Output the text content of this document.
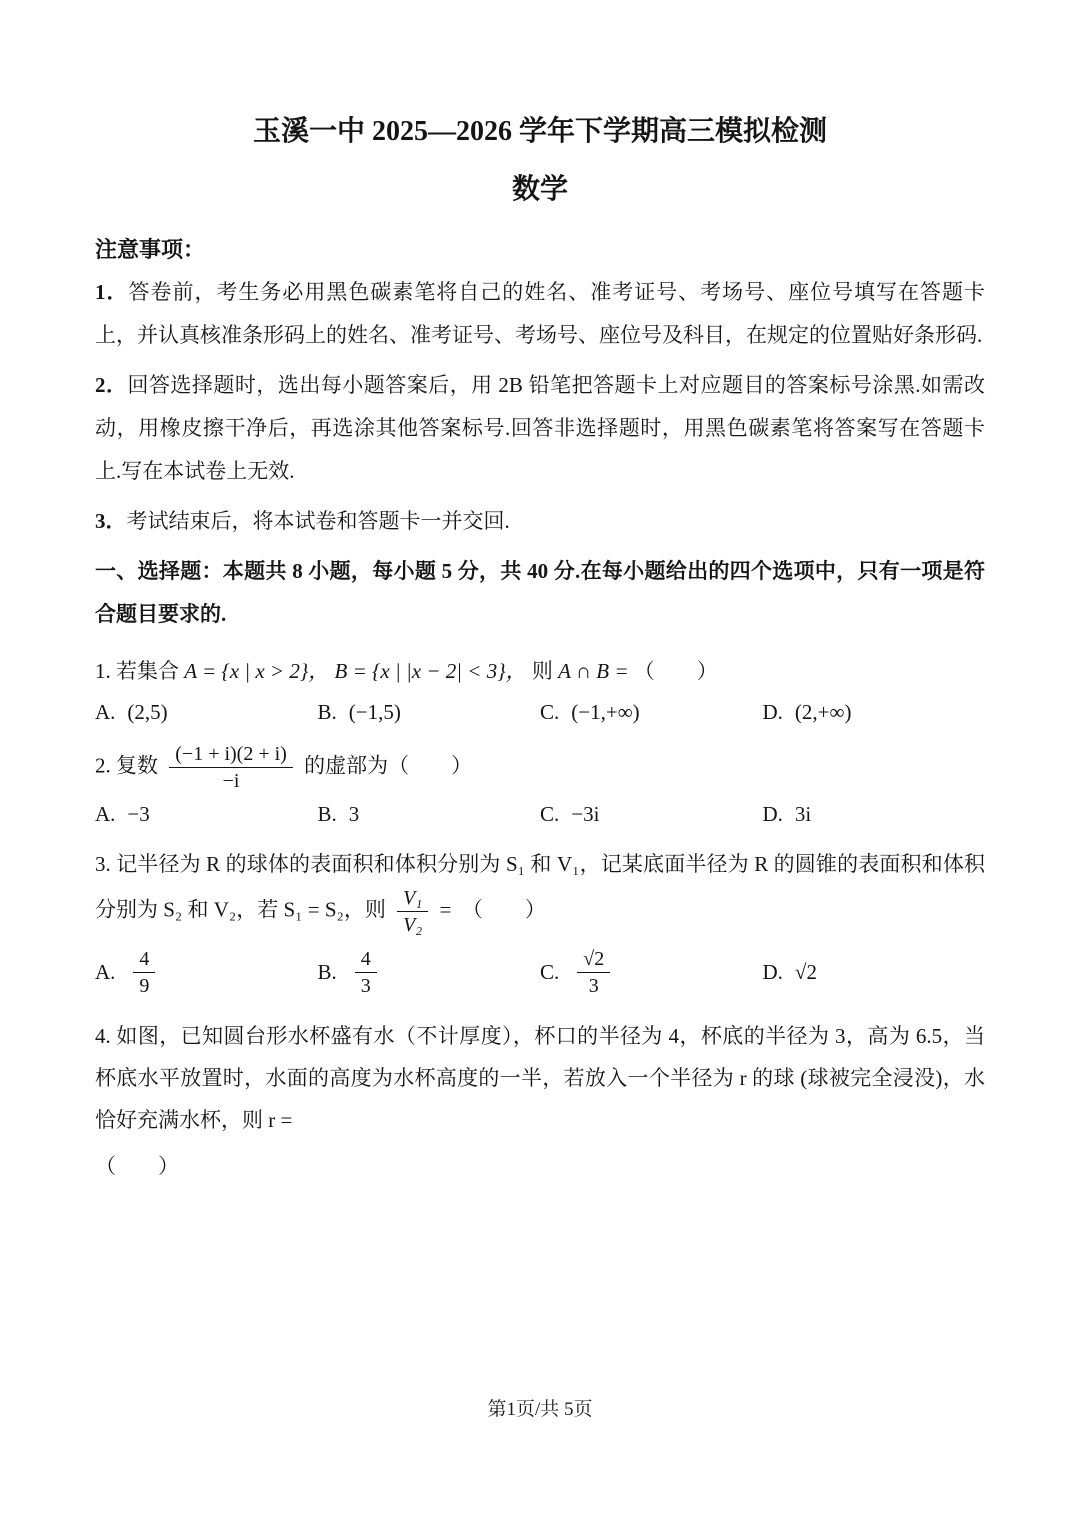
玉溪一中 2025—2026 学年下学期高三模拟检测
数学
注意事项：

1．答卷前，考生务必用黑色碳素笔将自己的姓名、准考证号、考场号、座位号填写在答题卡上，并认真核准条形码上的姓名、准考证号、考场号、座位号及科目，在规定的位置贴好条形码.

2．回答选择题时，选出每小题答案后，用 2B 铅笔把答题卡上对应题目的答案标号涂黑.如需改动，用橡皮擦干净后，再选涂其他答案标号.回答非选择题时，用黑色碳素笔将答案写在答题卡上.写在本试卷上无效.

3．考试结束后，将本试卷和答题卡一并交回.

一、选择题：本题共 8 小题，每小题 5 分，共 40 分.在每小题给出的四个选项中，只有一项是符合题目要求的.

1. 若集合 A = {x | x > 2}， B = {x | |x − 2| < 3}， 则 A ∩ B = （　　）

A. (2,5)	B. (−1,5)	C. (−1,+∞)	D. (2,+∞)

2. 复数 $\frac{(-1 + i)(2 + i)}{-i}$ 的虚部为（　　）

A. −3	B. 3	C. −3i	D. 3i

3. 记半径为 R 的球体的表面积和体积分别为 S₁ 和 V₁，记某底面半径为 R 的圆锥的表面积和体积分别为 S₂ 和 V₂，若 S₁ = S₂，则 $\frac{\text{V₁}}{\text{V₂}}$ =　（　　）

A. $\frac{4}{9}$	B. $\frac{4}{3}$	C. $\frac{√2}{3}$	D. √2

4. 如图，已知圆台形水杯盛有水（不计厚度），杯口的半径为 4，杯底的半径为 3，高为 6.5，当杯底水平放置时，水面的高度为水杯高度的一半，若放入一个半径为 r 的球 (球被完全浸没)，水恰好充满水杯，则 r =

（　　）

第1页/共 5页
